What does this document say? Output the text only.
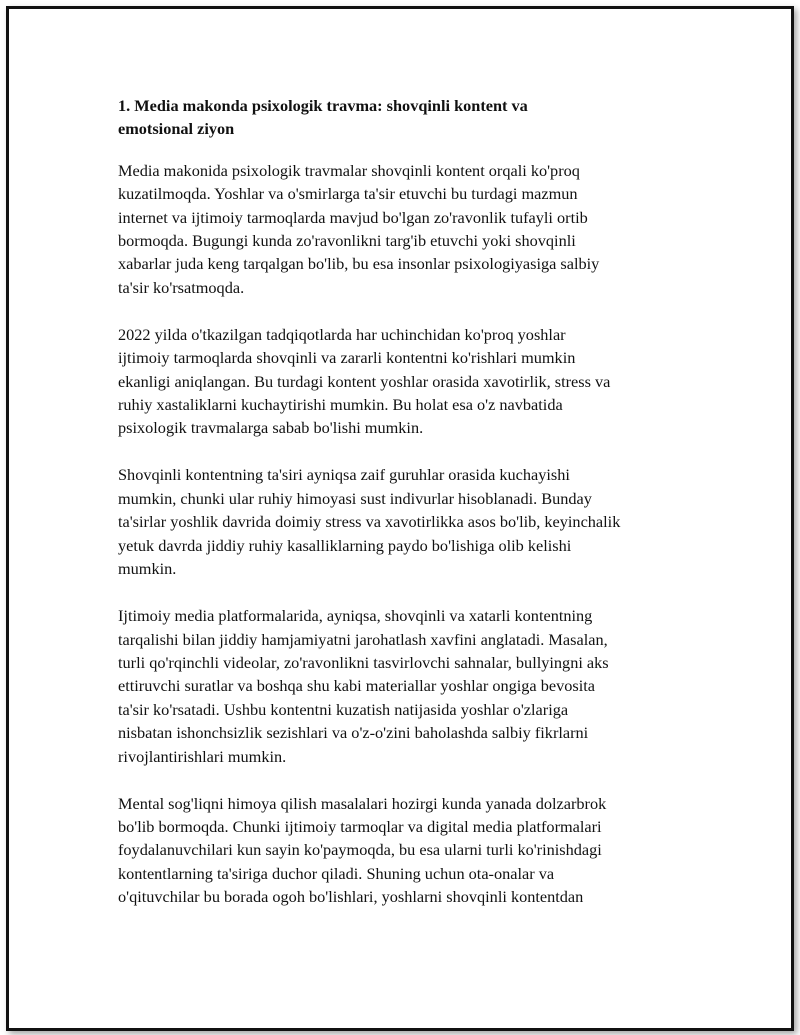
1. Media makonda psixologik travma: shovqinli kontent va
emotsional ziyon
Media makonida psixologik travmalar shovqinli kontent orqali ko'proq
kuzatilmoqda. Yoshlar va o'smirlarga ta'sir etuvchi bu turdagi mazmun
internet va ijtimoiy tarmoqlarda mavjud bo'lgan zo'ravonlik tufayli ortib
bormoqda. Bugungi kunda zo'ravonlikni targ'ib etuvchi yoki shovqinli
xabarlar juda keng tarqalgan bo'lib, bu esa insonlar psixologiyasiga salbiy
ta'sir ko'rsatmoqda.
2022 yilda o'tkazilgan tadqiqotlarda har uchinchidan ko'proq yoshlar
ijtimoiy tarmoqlarda shovqinli va zararli kontentni ko'rishlari mumkin
ekanligi aniqlangan. Bu turdagi kontent yoshlar orasida xavotirlik, stress va
ruhiy xastaliklarni kuchaytirishi mumkin. Bu holat esa o'z navbatida
psixologik travmalarga sabab bo'lishi mumkin.
Shovqinli kontentning ta'siri ayniqsa zaif guruhlar orasida kuchayishi
mumkin, chunki ular ruhiy himoyasi sust indivurlar hisoblanadi. Bunday
ta'sirlar yoshlik davrida doimiy stress va xavotirlikka asos bo'lib, keyinchalik
yetuk davrda jiddiy ruhiy kasalliklarning paydo bo'lishiga olib kelishi
mumkin.
Ijtimoiy media platformalarida, ayniqsa, shovqinli va xatarli kontentning
tarqalishi bilan jiddiy hamjamiyatni jarohatlash xavfini anglatadi. Masalan,
turli qo'rqinchli videolar, zo'ravonlikni tasvirlovchi sahnalar, bullyingni aks
ettiruvchi suratlar va boshqa shu kabi materiallar yoshlar ongiga bevosita
ta'sir ko'rsatadi. Ushbu kontentni kuzatish natijasida yoshlar o'zlariga
nisbatan ishonchsizlik sezishlari va o'z-o'zini baholashda salbiy fikrlarni
rivojlantirishlari mumkin.
Mental sog'liqni himoya qilish masalalari hozirgi kunda yanada dolzarbrok
bo'lib bormoqda. Chunki ijtimoiy tarmoqlar va digital media platformalari
foydalanuvchilari kun sayin ko'paymoqda, bu esa ularni turli ko'rinishdagi
kontentlarning ta'siriga duchor qiladi. Shuning uchun ota-onalar va
o'qituvchilar bu borada ogoh bo'lishlari, yoshlarni shovqinli kontentdan
